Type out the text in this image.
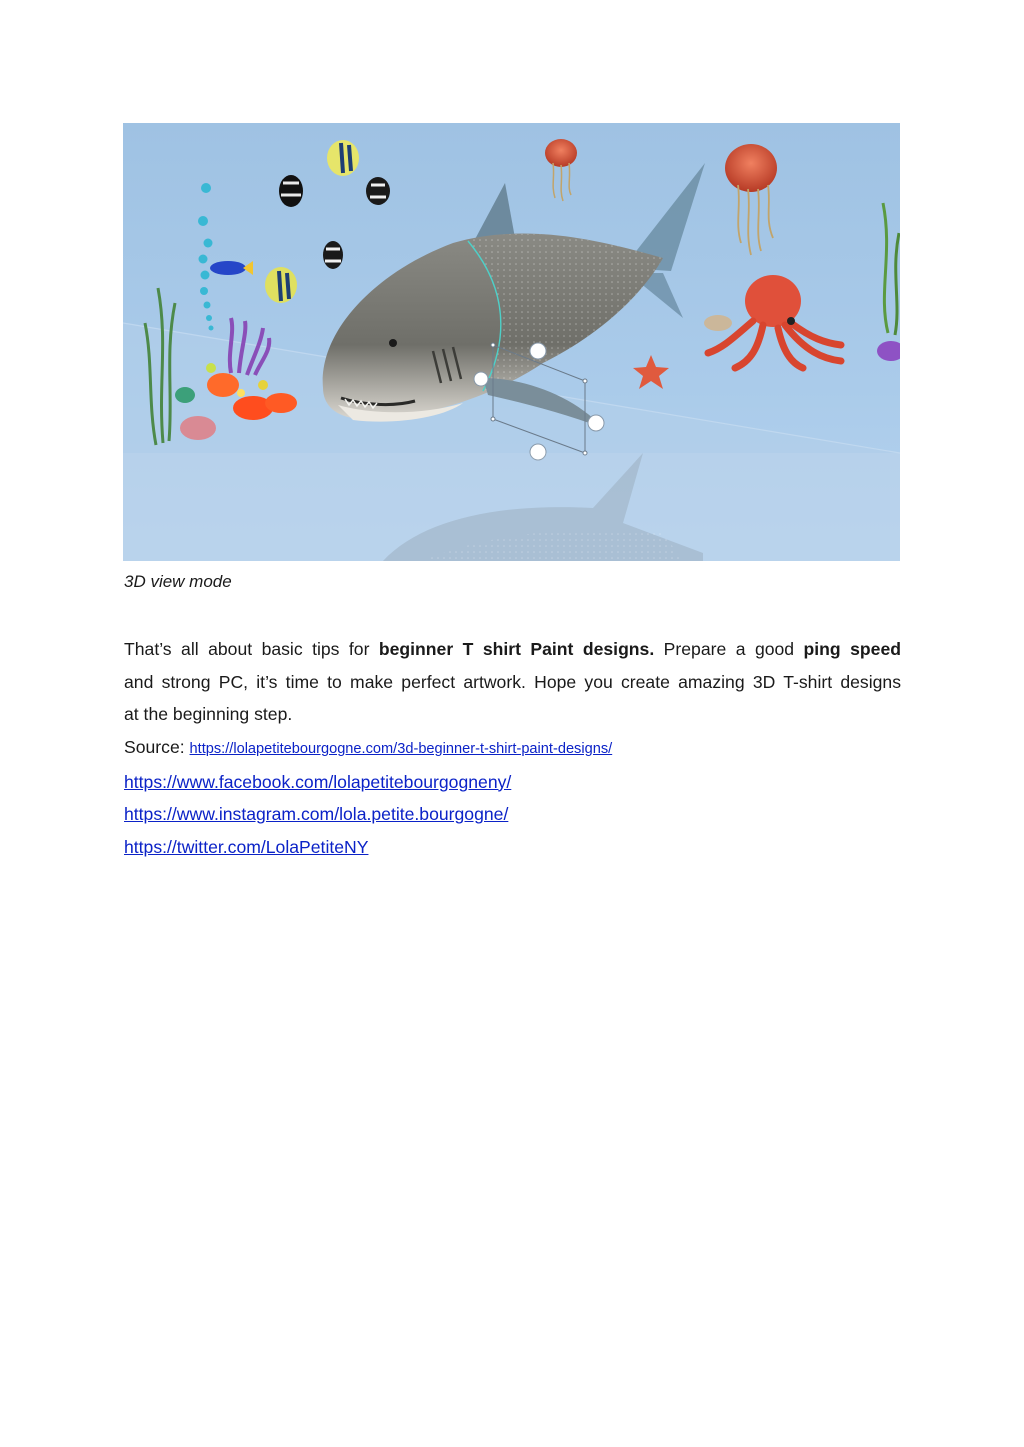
3D view mode
That’s all about basic tips for beginner T shirt Paint designs. Prepare a good ping speed
and strong PC, it’s time to make perfect artwork. Hope you create amazing 3D T-shirt designs
at the beginning step.
Source: https://lolapetitebourgogne.com/3d-beginner-t-shirt-paint-designs/
https://www.facebook.com/lolapetitebourgogneny/
https://www.instagram.com/lola.petite.bourgogne/
https://twitter.com/LolaPetiteNY
